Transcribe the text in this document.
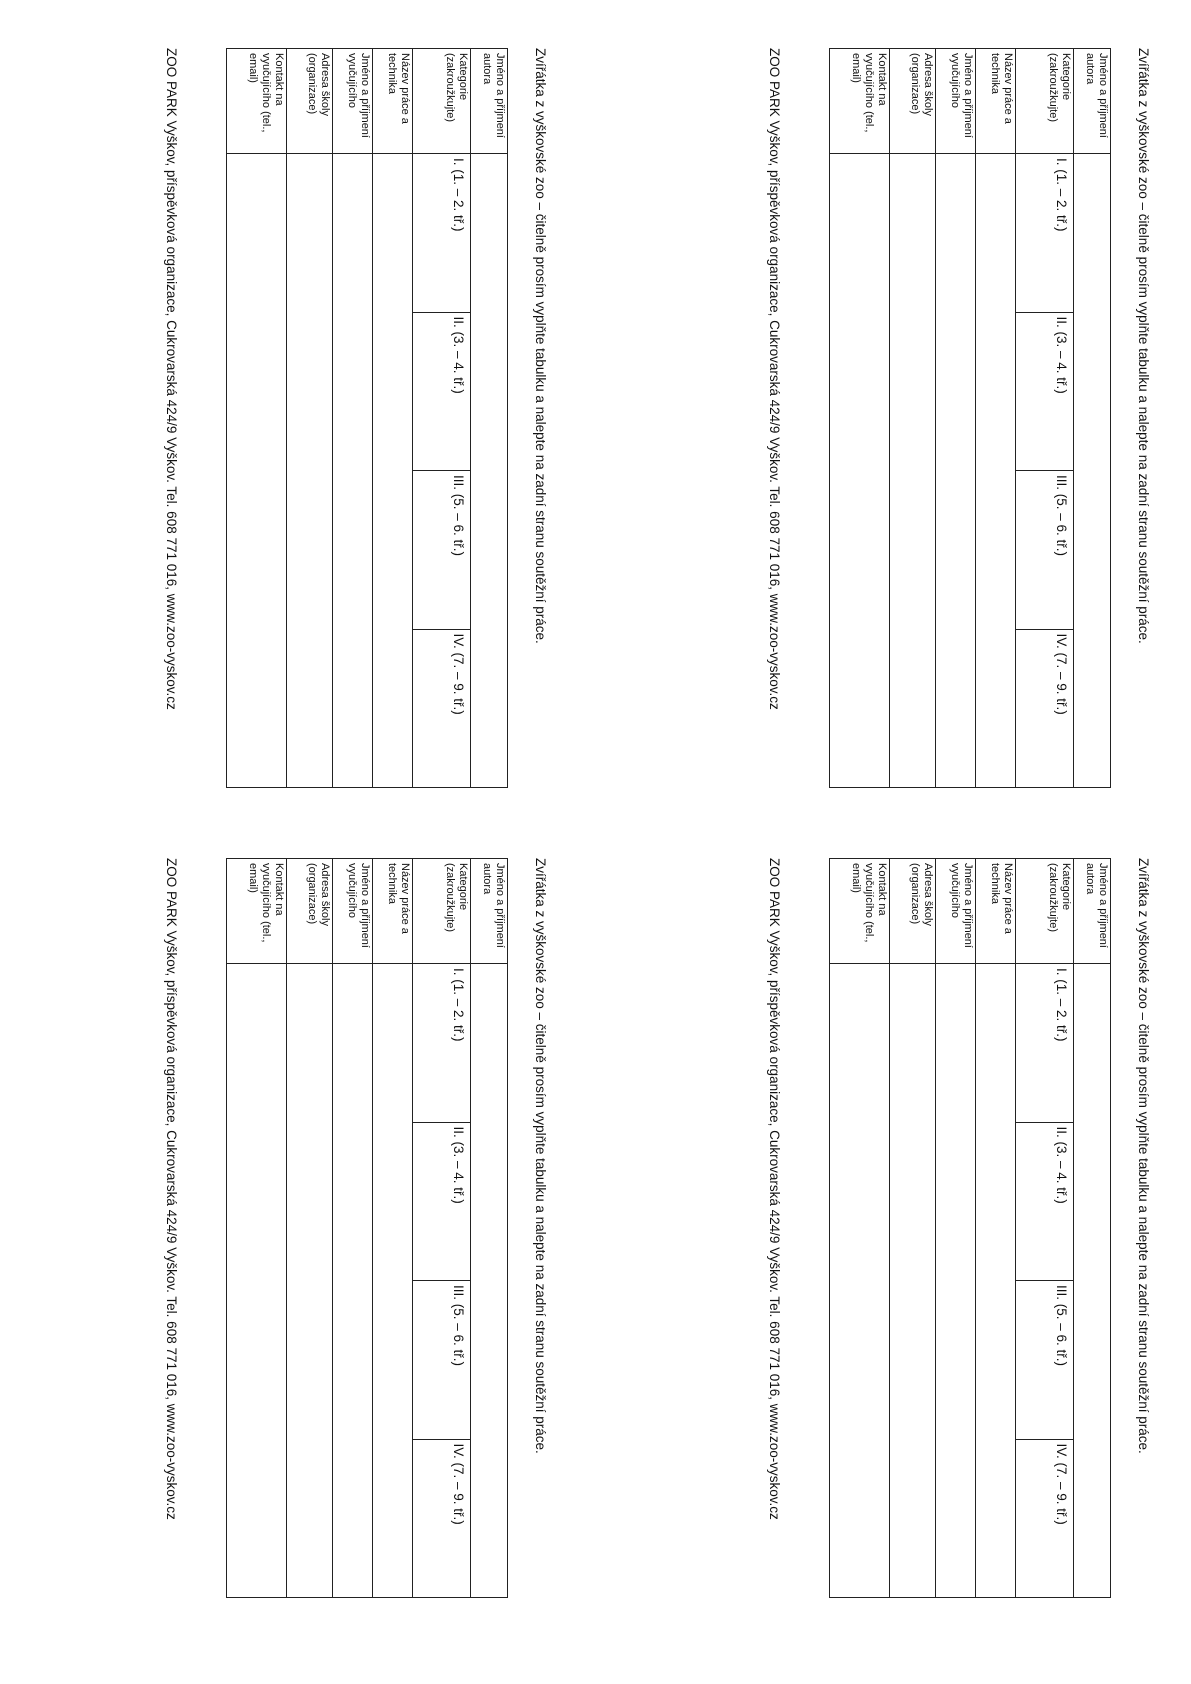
Zvířátka z vyškovské zoo – čitelně prosím vyplňte tabulku a nalepte na zadní stranu soutěžní práce.

Jméno a příjmení autora				
Kategorie (zakroužkujte)	I. (1. – 2. tř.)	II. (3. – 4. tř.)	III. (5. – 6. tř.)	IV. (7. – 9. tř.)
Název práce a technika				
Jméno a příjmení vyučujícího				
Adresa školy (organizace)				
Kontakt na vyučujícího (tel., email)				

ZOO PARK Vyškov, příspěvková organizace, Cukrovarská 424/9 Vyškov. Tel. 608 771 016, www.zoo-vyskov.cz

Zvířátka z vyškovské zoo – čitelně prosím vyplňte tabulku a nalepte na zadní stranu soutěžní práce.

Jméno a příjmení autora				
Kategorie (zakroužkujte)	I. (1. – 2. tř.)	II. (3. – 4. tř.)	III. (5. – 6. tř.)	IV. (7. – 9. tř.)
Název práce a technika				
Jméno a příjmení vyučujícího				
Adresa školy (organizace)				
Kontakt na vyučujícího (tel., email)				

ZOO PARK Vyškov, příspěvková organizace, Cukrovarská 424/9 Vyškov. Tel. 608 771 016, www.zoo-vyskov.cz

Zvířátka z vyškovské zoo – čitelně prosím vyplňte tabulku a nalepte na zadní stranu soutěžní práce.

Jméno a příjmení autora				
Kategorie (zakroužkujte)	I. (1. – 2. tř.)	II. (3. – 4. tř.)	III. (5. – 6. tř.)	IV. (7. – 9. tř.)
Název práce a technika				
Jméno a příjmení vyučujícího				
Adresa školy (organizace)				
Kontakt na vyučujícího (tel., email)				

ZOO PARK Vyškov, příspěvková organizace, Cukrovarská 424/9 Vyškov. Tel. 608 771 016, www.zoo-vyskov.cz

Zvířátka z vyškovské zoo – čitelně prosím vyplňte tabulku a nalepte na zadní stranu soutěžní práce.

Jméno a příjmení autora				
Kategorie (zakroužkujte)	I. (1. – 2. tř.)	II. (3. – 4. tř.)	III. (5. – 6. tř.)	IV. (7. – 9. tř.)
Název práce a technika				
Jméno a příjmení vyučujícího				
Adresa školy (organizace)				
Kontakt na vyučujícího (tel., email)				

ZOO PARK Vyškov, příspěvková organizace, Cukrovarská 424/9 Vyškov. Tel. 608 771 016, www.zoo-vyskov.cz
